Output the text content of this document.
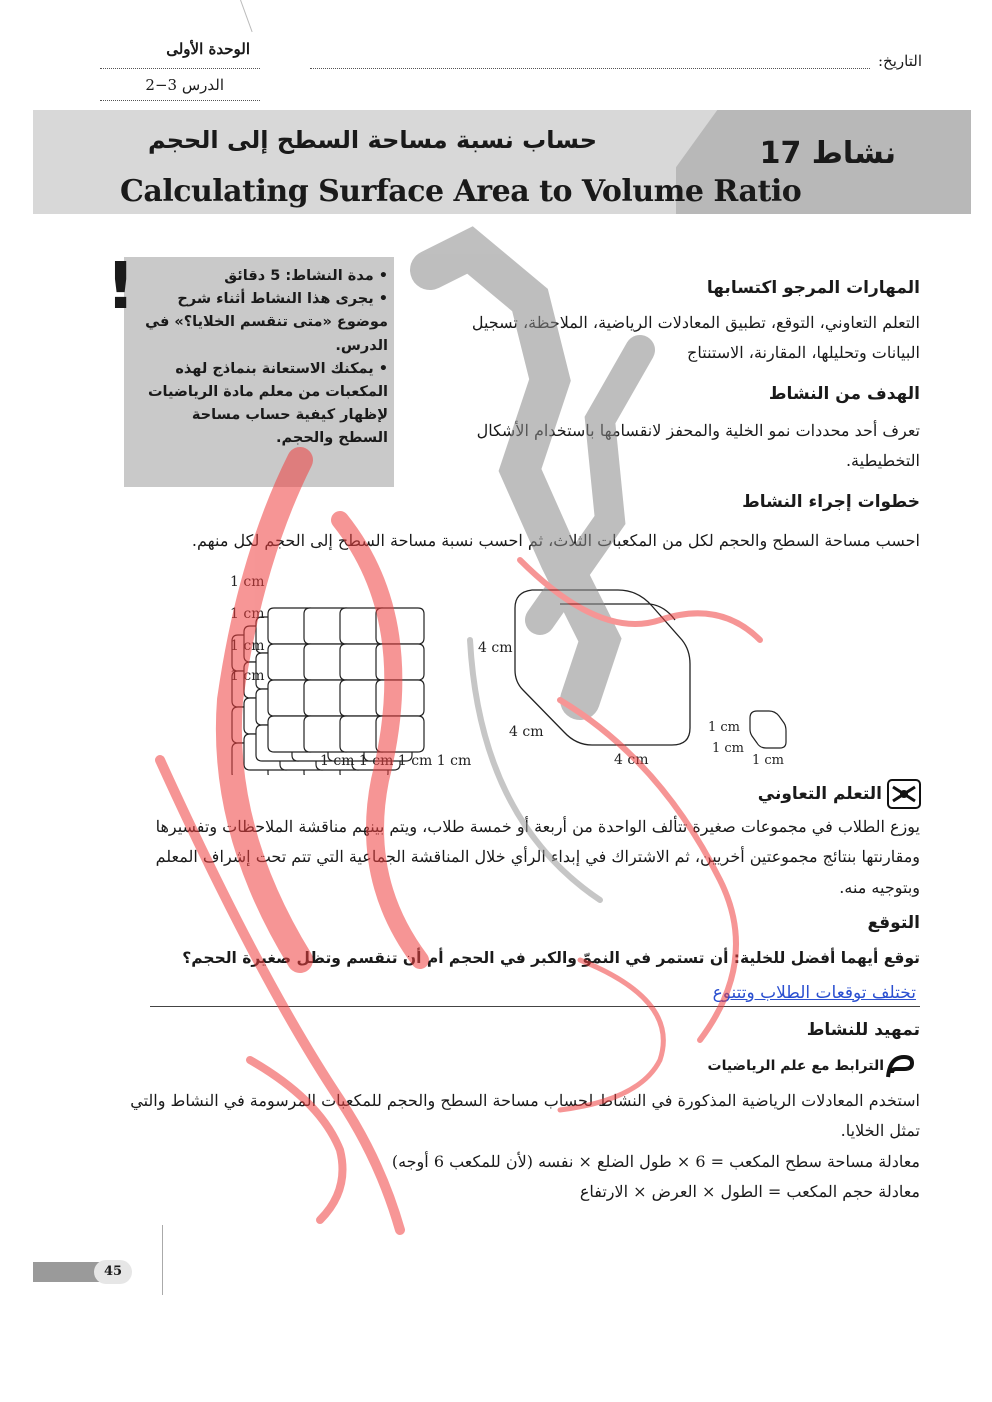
الوحدة الأولى
الدرس 3−2
التاريخ:
نشاط 17
حساب نسبة مساحة السطح إلى الحجم
Calculating Surface Area to Volume Ratio
!	• مدة النشاط: 5 دقائق
• يجرى هذا النشاط أثناء شرح موضوع «متى تنقسم الخلايا؟» في الدرس.
• يمكنك الاستعانة بنماذج لهذه المكعبات من معلم مادة الرياضيات لإظهار كيفية حساب مساحة السطح والحجم.
المهارات المرجو اكتسابها
التعلم التعاوني، التوقع، تطبيق المعادلات الرياضية، الملاحظة، تسجيل البيانات وتحليلها، المقارنة، الاستنتاج
الهدف من النشاط
تعرف أحد محددات نمو الخلية والمحفز لانقسامها باستخدام الأشكال التخطيطية.
خطوات إجراء النشاط
احسب مساحة السطح والحجم لكل من المكعبات الثلاث، ثم احسب نسبة مساحة السطح إلى الحجم لكل منهم.
1 cm
1 cm
1 cm
1 cm
1 cm 1 cm 1 cm 1 cm
4 cm
4 cm
4 cm
1 cm
1 cm
1 cm
التعلم التعاوني
يوزع الطلاب في مجموعات صغيرة تتألف الواحدة من أربعة أو خمسة طلاب، ويتم بينهم مناقشة الملاحظات وتفسيرها ومقارنتها بنتائج مجموعتين أخريين، ثم الاشتراك في إبداء الرأي خلال المناقشة الجماعية التي تتم تحت إشراف المعلم وبتوجيه منه.
التوقع
توقع أيهما أفضل للخلية: أن تستمر في النموّ والكبر في الحجم أم أن تنقسم وتظل صغيرة الحجم؟
تختلف توقعات الطلاب وتتنوع
تمهيد للنشاط
الترابط مع علم الرياضيات
استخدم المعادلات الرياضية المذكورة في النشاط لحساب مساحة السطح والحجم للمكعبات المرسومة في النشاط والتي تمثل الخلايا.
معادلة مساحة سطح المكعب = 6 × طول الضلع × نفسه (لأن للمكعب 6 أوجه)
معادلة حجم المكعب = الطول × العرض × الارتفاع
45
